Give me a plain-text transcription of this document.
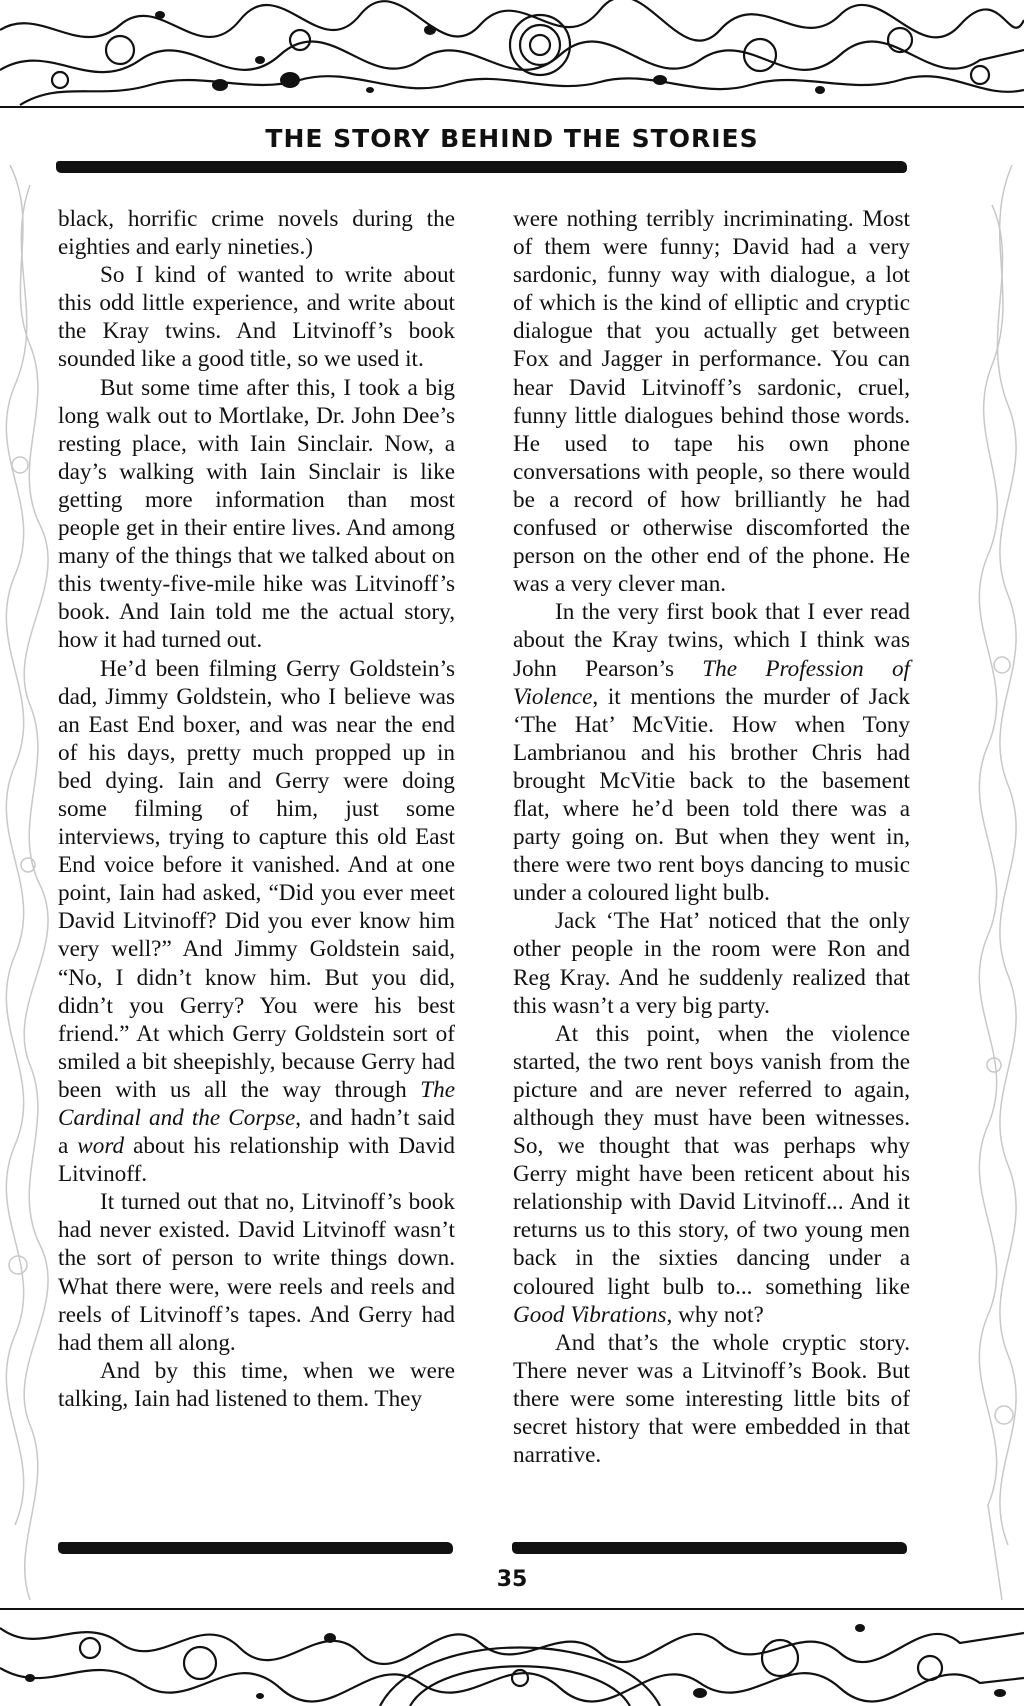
THE STORY BEHIND THE STORIES

black, horrific crime novels during the eighties and early nineties.)

So I kind of wanted to write about this odd little experience, and write about the Kray twins. And Litvinoff’s book sounded like a good title, so we used it.

But some time after this, I took a big long walk out to Mortlake, Dr. John Dee’s resting place, with Iain Sinclair. Now, a day’s walking with Iain Sinclair is like getting more information than most people get in their entire lives. And among many of the things that we talked about on this twenty-five-mile hike was Litvinoff’s book. And Iain told me the actual story, how it had turned out.

He’d been filming Gerry Goldstein’s dad, Jimmy Goldstein, who I believe was an East End boxer, and was near the end of his days, pretty much propped up in bed dying. Iain and Gerry were doing some filming of him, just some interviews, trying to capture this old East End voice before it vanished. And at one point, Iain had asked, “Did you ever meet David Litvinoff? Did you ever know him very well?” And Jimmy Goldstein said, “No, I didn’t know him. But you did, didn’t you Gerry? You were his best friend.” At which Gerry Goldstein sort of smiled a bit sheepishly, because Gerry had been with us all the way through The Cardinal and the Corpse, and hadn’t said a word about his relationship with David Litvinoff.

It turned out that no, Litvinoff’s book had never existed. David Litvinoff wasn’t the sort of person to write things down. What there were, were reels and reels and reels of Litvinoff’s tapes. And Gerry had had them all along.

And by this time, when we were talking, Iain had listened to them. They

were nothing terribly incriminating. Most of them were funny; David had a very sardonic, funny way with dialogue, a lot of which is the kind of elliptic and cryptic dialogue that you actually get between Fox and Jagger in performance. You can hear David Litvinoff’s sardonic, cruel, funny little dialogues behind those words. He used to tape his own phone conversations with people, so there would be a record of how brilliantly he had confused or otherwise discomforted the person on the other end of the phone. He was a very clever man.

In the very first book that I ever read about the Kray twins, which I think was John Pearson’s The Profession of Violence, it mentions the murder of Jack ‘The Hat’ McVitie. How when Tony Lambrianou and his brother Chris had brought McVitie back to the basement flat, where he’d been told there was a party going on. But when they went in, there were two rent boys dancing to music under a coloured light bulb.

Jack ‘The Hat’ noticed that the only other people in the room were Ron and Reg Kray. And he suddenly realized that this wasn’t a very big party.

At this point, when the violence started, the two rent boys vanish from the picture and are never referred to again, although they must have been witnesses. So, we thought that was perhaps why Gerry might have been reticent about his relationship with David Litvinoff... And it returns us to this story, of two young men back in the sixties dancing under a coloured light bulb to... something like Good Vibrations, why not?

And that’s the whole cryptic story. There never was a Litvinoff’s Book. But there were some interesting little bits of secret history that were embedded in that narrative.

35
